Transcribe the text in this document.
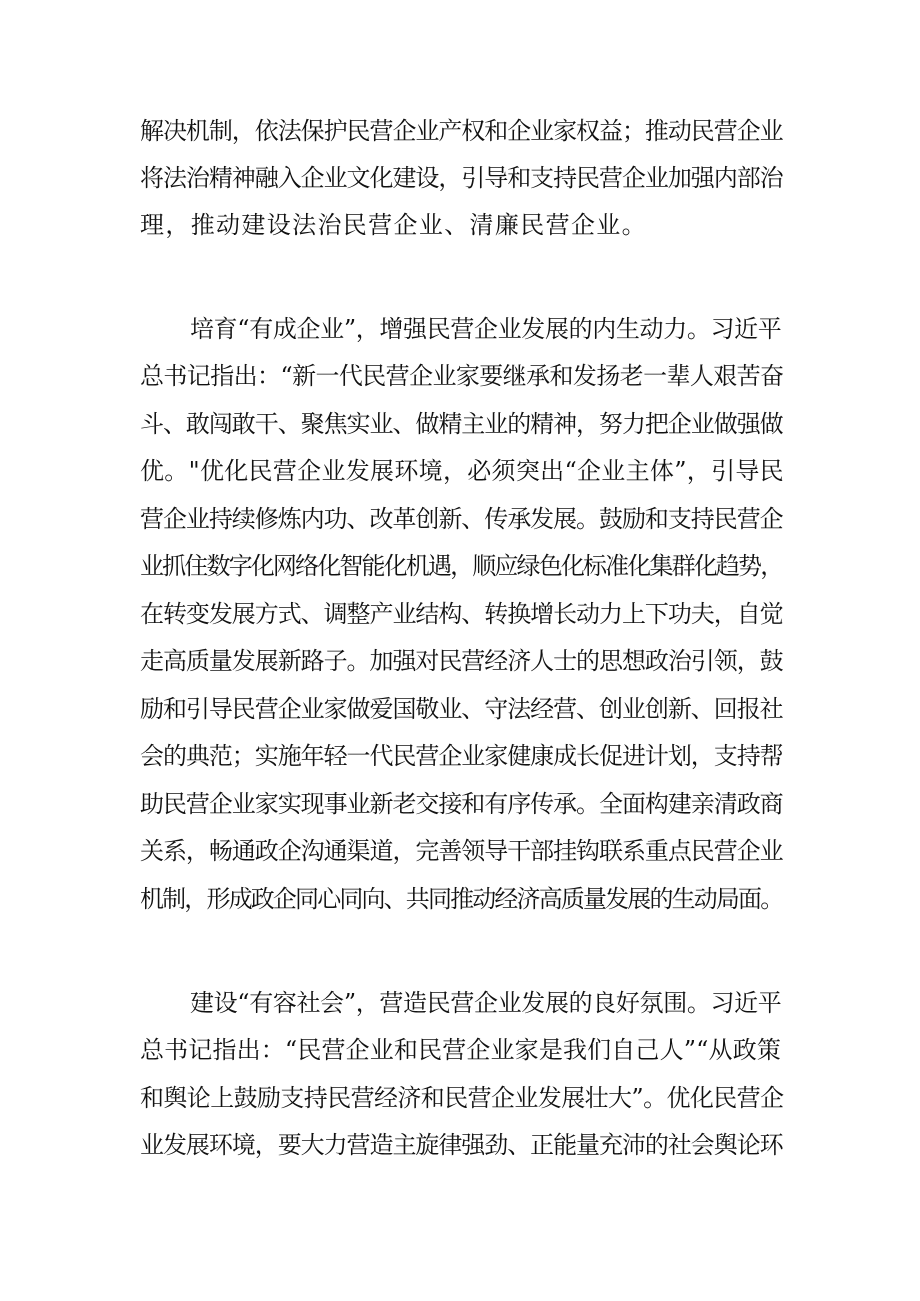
解决机制，依法保护民营企业产权和企业家权益；推动民营企业

将法治精神融入企业文化建设，引导和支持民营企业加强内部治

理，推动建设法治民营企业、清廉民营企业。

培育“有成企业”，增强民营企业发展的内生动力。习近平

总书记指出：“新一代民营企业家要继承和发扬老一辈人艰苦奋

斗、敢闯敢干、聚焦实业、做精主业的精神，努力把企业做强做

优。"优化民营企业发展环境，必须突出“企业主体”，引导民

营企业持续修炼内功、改革创新、传承发展。鼓励和支持民营企

业抓住数字化网络化智能化机遇，顺应绿色化标准化集群化趋势，

在转变发展方式、调整产业结构、转换增长动力上下功夫，自觉

走高质量发展新路子。加强对民营经济人士的思想政治引领，鼓

励和引导民营企业家做爱国敬业、守法经营、创业创新、回报社

会的典范；实施年轻一代民营企业家健康成长促进计划，支持帮

助民营企业家实现事业新老交接和有序传承。全面构建亲清政商

关系，畅通政企沟通渠道，完善领导干部挂钩联系重点民营企业

机制，形成政企同心同向、共同推动经济高质量发展的生动局面。

建设“有容社会”，营造民营企业发展的良好氛围。习近平

总书记指出：“民营企业和民营企业家是我们自己人”“从政策

和舆论上鼓励支持民营经济和民营企业发展壮大”。优化民营企

业发展环境，要大力营造主旋律强劲、正能量充沛的社会舆论环
